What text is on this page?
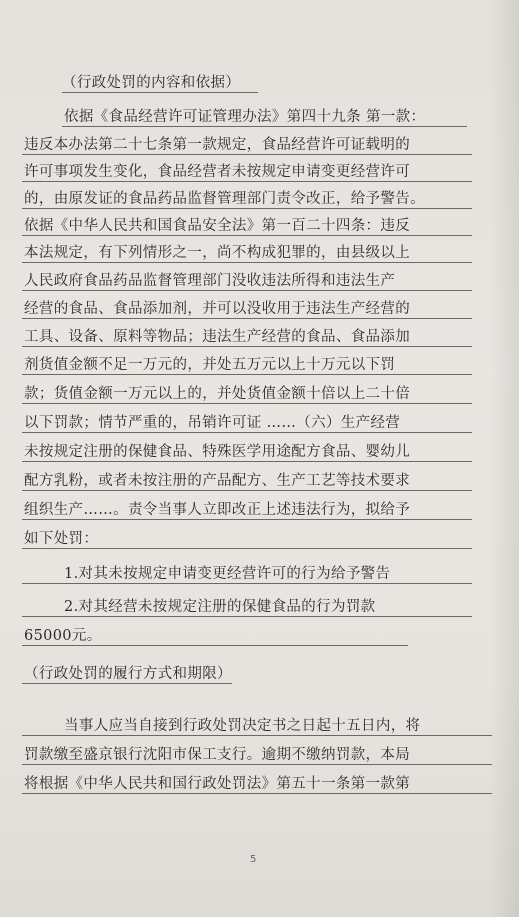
（行政处罚的内容和依据）
依据《食品经营许可证管理办法》第四十九条 第一款：
违反本办法第二十七条第一款规定，食品经营许可证载明的
许可事项发生变化，食品经营者未按规定申请变更经营许可
的，由原发证的食品药品监督管理部门责令改正，给予警告。
依据《中华人民共和国食品安全法》第一百二十四条：违反
本法规定，有下列情形之一，尚不构成犯罪的，由县级以上
人民政府食品药品监督管理部门没收违法所得和违法生产
经营的食品、食品添加剂，并可以没收用于违法生产经营的
工具、设备、原料等物品；违法生产经营的食品、食品添加
剂货值金额不足一万元的，并处五万元以上十万元以下罚
款；货值金额一万元以上的，并处货值金额十倍以上二十倍
以下罚款；情节严重的，吊销许可证 ……（六）生产经营
未按规定注册的保健食品、特殊医学用途配方食品、婴幼儿
配方乳粉，或者未按注册的产品配方、生产工艺等技术要求
组织生产……。责令当事人立即改正上述违法行为，拟给予
如下处罚：
1.对其未按规定申请变更经营许可的行为给予警告
2.对其经营未按规定注册的保健食品的行为罚款
65000元。
（行政处罚的履行方式和期限）
当事人应当自接到行政处罚决定书之日起十五日内，将
罚款缴至盛京银行沈阳市保工支行。逾期不缴纳罚款，本局
将根据《中华人民共和国行政处罚法》第五十一条第一款第
5
